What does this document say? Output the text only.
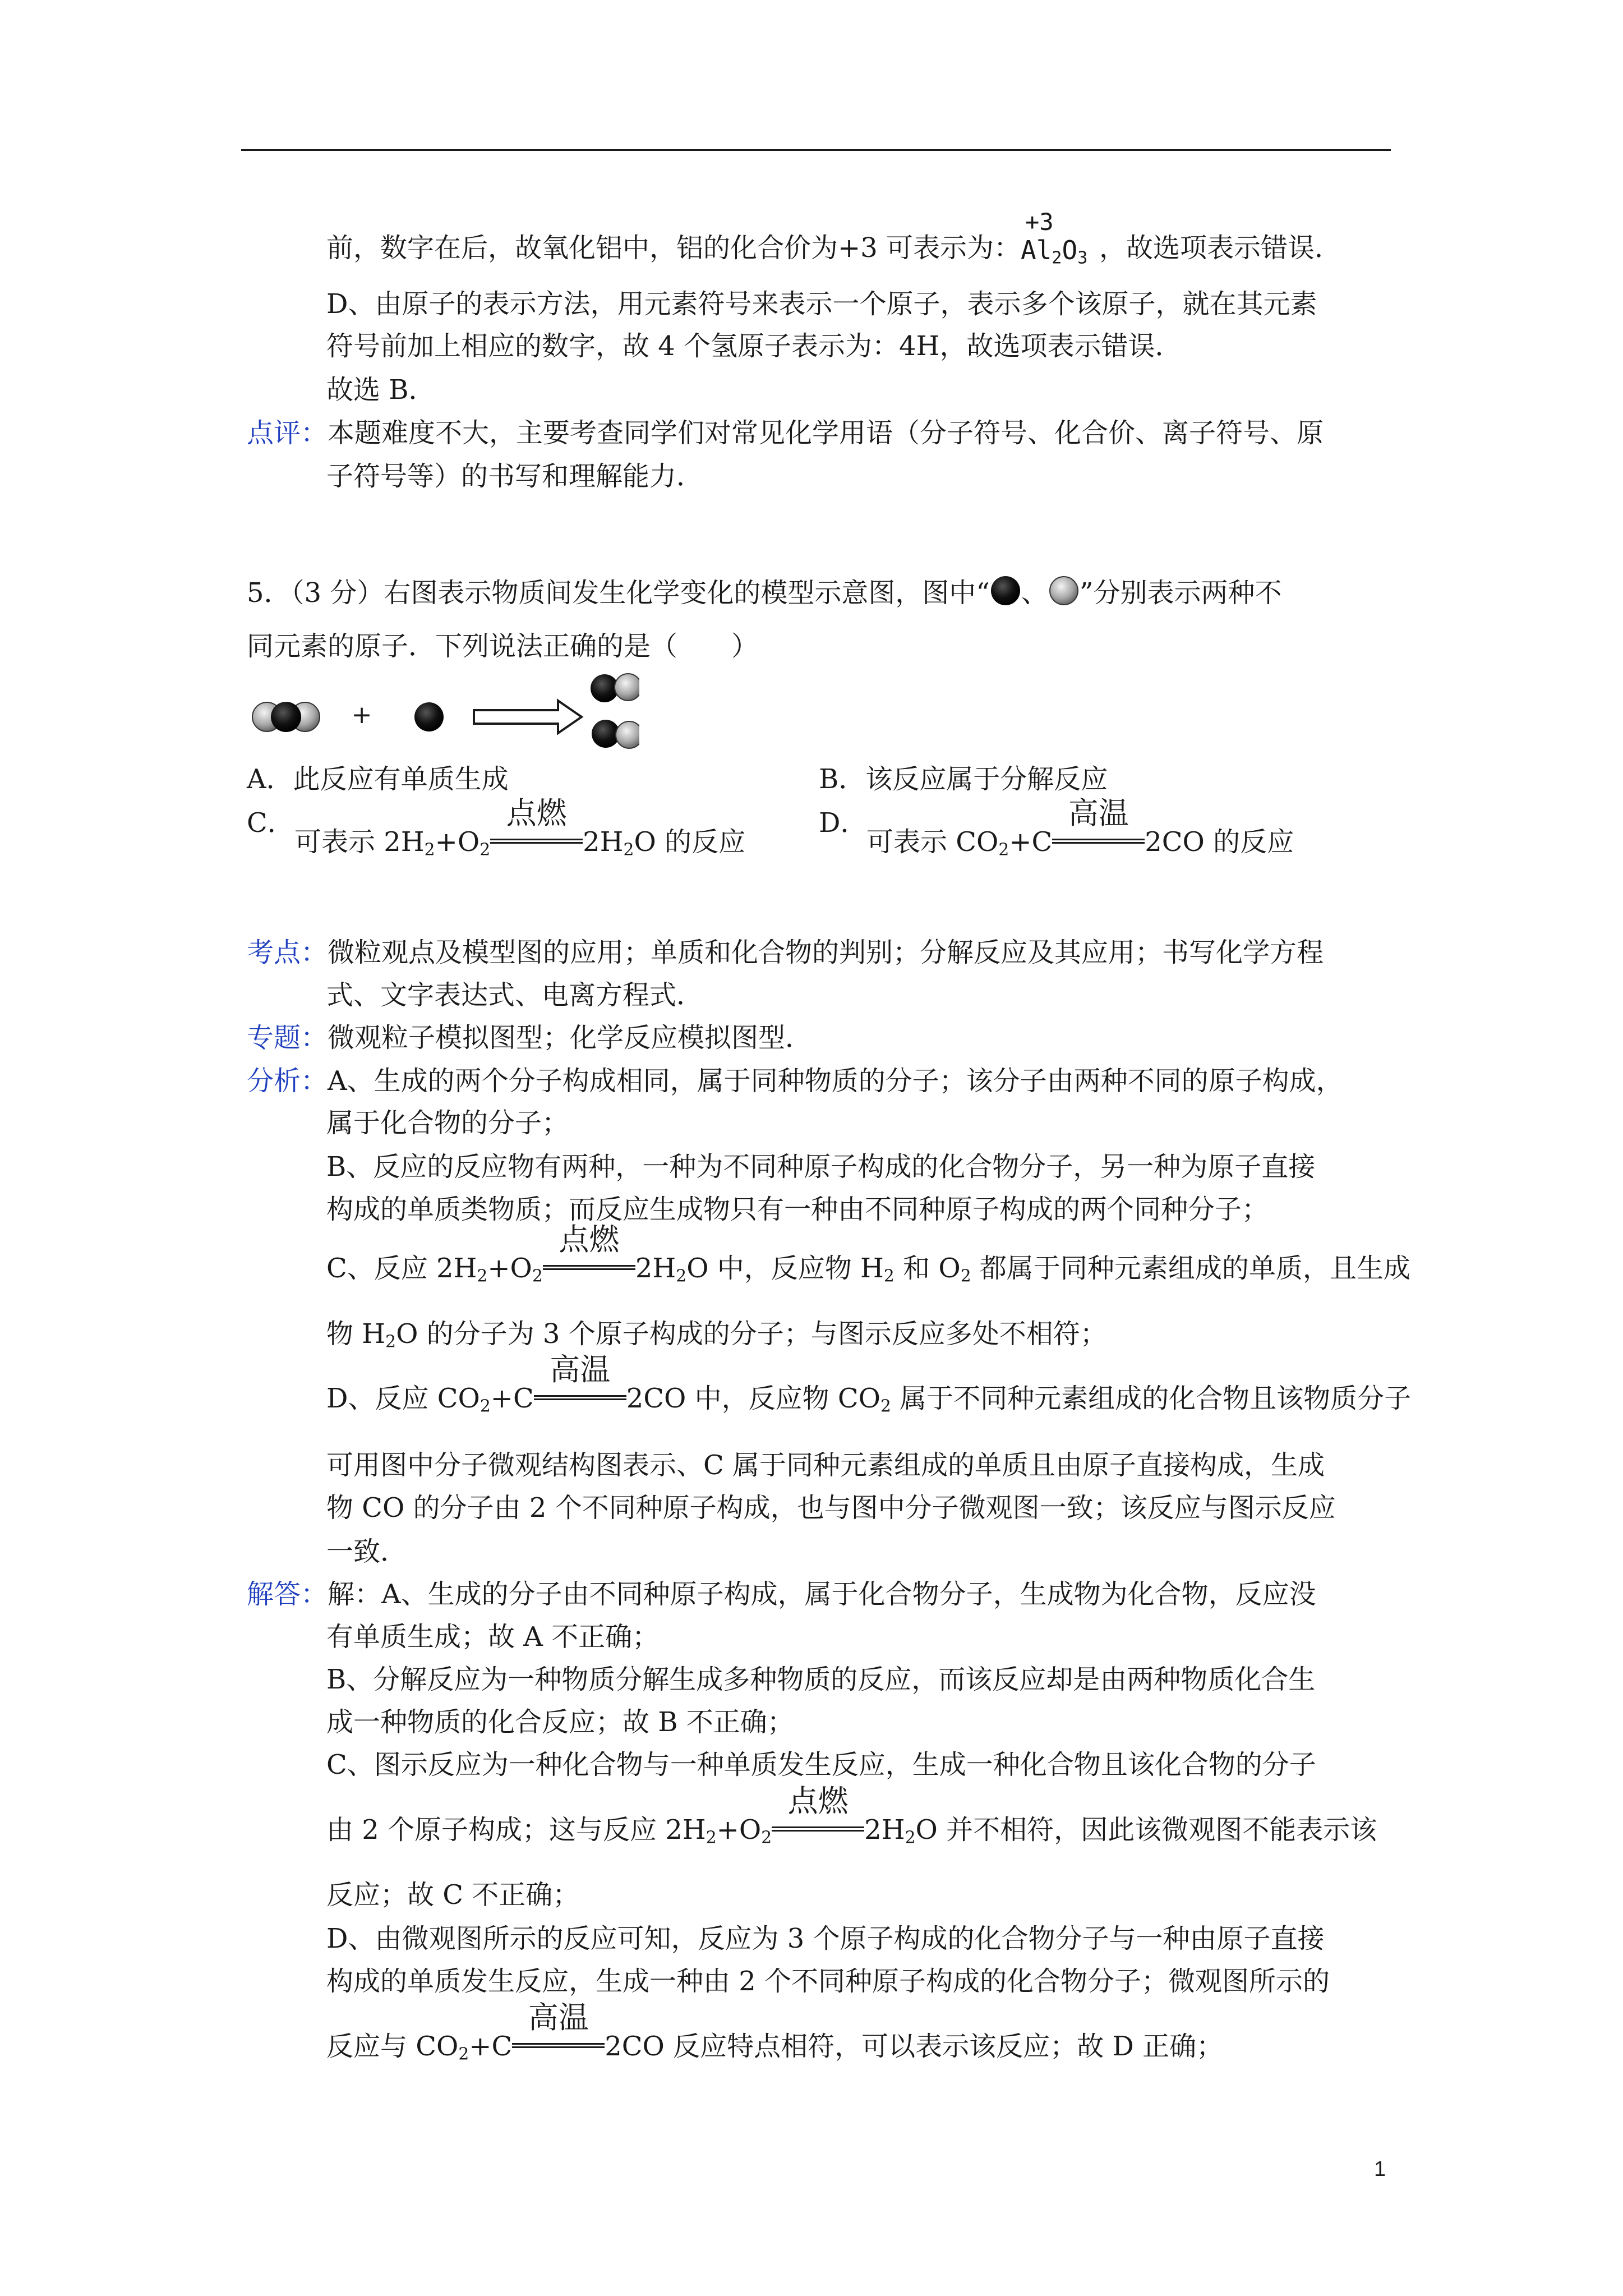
前，数字在后，故氧化铝中，铝的化合价为+3 可表示为：
+3
$Al_2O_3$ ，故选项表示错误．
D、由原子的表示方法，用元素符号来表示一个原子，表示多个该原子，就在其元素
符号前加上相应的数字，故 4 个氢原子表示为：4H，故选项表示错误．
故选 B．
点评：本题难度不大，主要考查同学们对常见化学用语（分子符号、化合价、离子符号、原
子符号等）的书写和理解能力．
5．（3 分）右图表示物质间发生化学变化的模型示意图，图中“ 、 ”分别表示两种不
同元素的原子．下列说法正确的是（　　）
+
A．此反应有单质生成	B．该反应属于分解反应
C．
可表示 $2H_2+O_2$
点燃
$2H_2O$ 的反应
D．
可表示 $CO_2+C$
高温
2CO 的反应
考点：微粒观点及模型图的应用；单质和化合物的判别；分解反应及其应用；书写化学方程
式、文字表达式、电离方程式．
专题：微观粒子模拟图型；化学反应模拟图型．
分析：A、生成的两个分子构成相同，属于同种物质的分子；该分子由两种不同的原子构成，
属于化合物的分子；
B、反应的反应物有两种，一种为不同种原子构成的化合物分子，另一种为原子直接
构成的单质类物质；而反应生成物只有一种由不同种原子构成的两个同种分子；
C、反应 $2H_2+O_2$
点燃
$2H_2O$ 中，反应物 $H_2$ 和 $O_2$ 都属于同种元素组成的单质，且生成
物 $H_2O$ 的分子为 3 个原子构成的分子；与图示反应多处不相符；
D、反应 $CO_2+C$
高温
2CO 中，反应物 $CO_2$ 属于不同种元素组成的化合物且该物质分子
可用图中分子微观结构图表示、C 属于同种元素组成的单质且由原子直接构成，生成
物 CO 的分子由 2 个不同种原子构成，也与图中分子微观图一致；该反应与图示反应
一致．
解答：解：A、生成的分子由不同种原子构成，属于化合物分子，生成物为化合物，反应没
有单质生成；故 A 不正确；
B、分解反应为一种物质分解生成多种物质的反应，而该反应却是由两种物质化合生
成一种物质的化合反应；故 B 不正确；
C、图示反应为一种化合物与一种单质发生反应，生成一种化合物且该化合物的分子
由 2 个原子构成；这与反应 $2H_2+O_2$
点燃
$2H_2O$ 并不相符，因此该微观图不能表示该
反应；故 C 不正确；
D、由微观图所示的反应可知，反应为 3 个原子构成的化合物分子与一种由原子直接
构成的单质发生反应，生成一种由 2 个不同种原子构成的化合物分子；微观图所示的
反应与 $CO_2+C$
高温
2CO 反应特点相符，可以表示该反应；故 D 正确；
1
